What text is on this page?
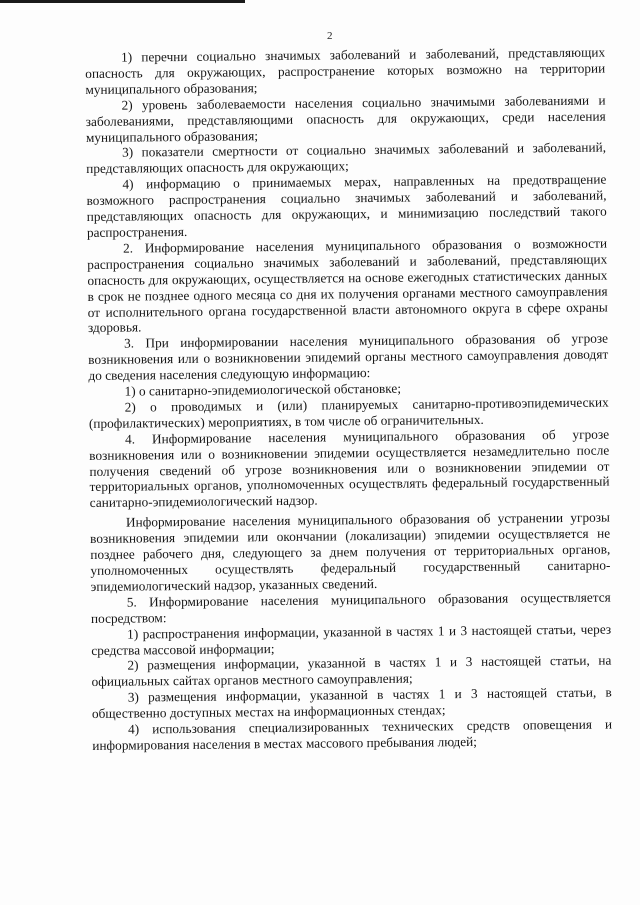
2

1) перечни социально значимых заболеваний и заболеваний, представляющих опасность для окружающих, распространение которых возможно на территории муниципального образования;

2) уровень заболеваемости населения социально значимыми заболеваниями и заболеваниями, представляющими опасность для окружающих, среди населения муниципального образования;

3) показатели смертности от социально значимых заболеваний и заболеваний, представляющих опасность для окружающих;

4) информацию о принимаемых мерах, направленных на предотвращение возможного распространения социально значимых заболеваний и заболеваний, представляющих опасность для окружающих, и минимизацию последствий такого распространения.

2. Информирование населения муниципального образования о возможности распространения социально значимых заболеваний и заболеваний, представляющих опасность для окружающих, осуществляется на основе ежегодных статистических данных в срок не позднее одного месяца со дня их получения органами местного самоуправления от исполнительного органа государственной власти автономного округа в сфере охраны здоровья.

3. При информировании населения муниципального образования об угрозе возникновения или о возникновении эпидемий органы местного самоуправления доводят до сведения населения следующую информацию:

1) о санитарно-эпидемиологической обстановке;

2) о проводимых и (или) планируемых санитарно-противоэпидемических (профилактических) мероприятиях, в том числе об ограничительных.

4. Информирование населения муниципального образования об угрозе возникновения или о возникновении эпидемии осуществляется незамедлительно после получения сведений об угрозе возникновения или о возникновении эпидемии от территориальных органов, уполномоченных осуществлять федеральный государственный санитарно-эпидемиологический надзор.

Информирование населения муниципального образования об устранении угрозы возникновения эпидемии или окончании (локализации) эпидемии осуществляется не позднее рабочего дня, следующего за днем получения от территориальных органов, уполномоченных осуществлять федеральный государственный санитарно-эпидемиологический надзор, указанных сведений.

5. Информирование населения муниципального образования осуществляется посредством:

1) распространения информации, указанной в частях 1 и 3 настоящей статьи, через средства массовой информации;

2) размещения информации, указанной в частях 1 и 3 настоящей статьи, на официальных сайтах органов местного самоуправления;

3) размещения информации, указанной в частях 1 и 3 настоящей статьи, в общественно доступных местах на информационных стендах;

4) использования специализированных технических средств оповещения и информирования населения в местах массового пребывания людей;
